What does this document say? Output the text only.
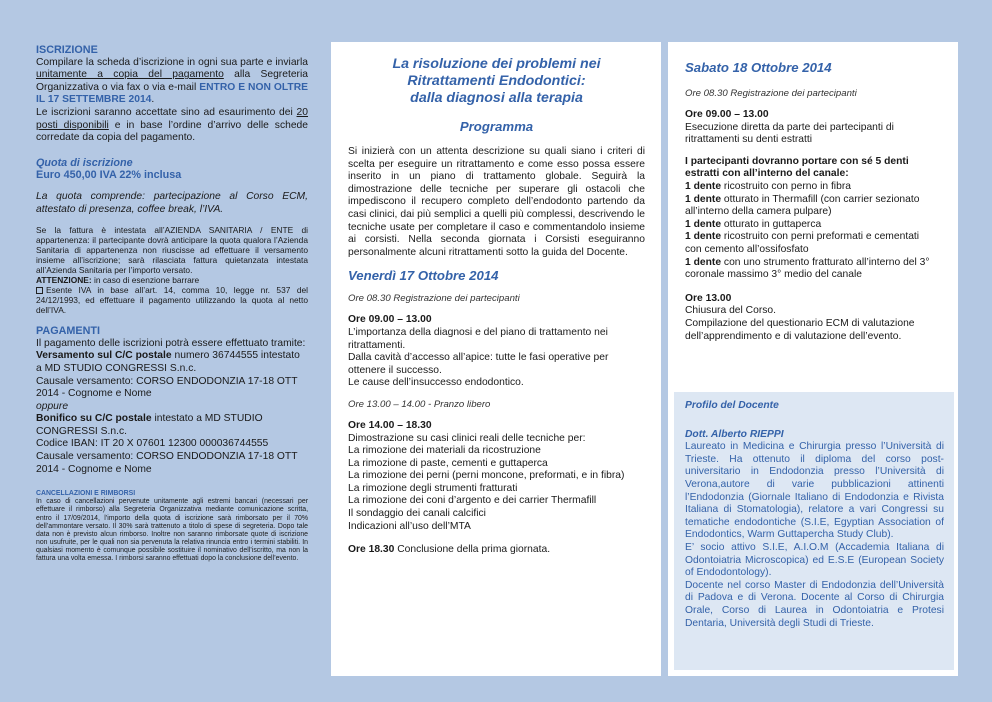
ISCRIZIONE

Compilare la scheda d’iscrizione in ogni sua parte e inviarla unitamente a copia del pagamento alla Segreteria Organizzativa o via fax o via e-mail ENTRO E NON OLTRE IL 17 SETTEMBRE 2014.

Le iscrizioni saranno accettate sino ad esaurimento dei 20 posti disponibili e in base l’ordine d’arrivo delle schede corredate da copia del pagamento.

Quota di iscrizione

Euro 450,00 IVA 22% inclusa

La quota comprende: partecipazione al Corso ECM, attestato di presenza, coffee break, l’IVA.

Se la fattura è intestata all’AZIENDA SANITARIA / ENTE di appartenenza: il partecipante dovrà anticipare la quota qualora l’Azienda Sanitaria di appartenenza non riuscisse ad effettuare il versamento insieme all’iscrizione; sarà rilasciata fattura quietanzata intestata all’Azienda Sanitaria per l’importo versato.

ATTENZIONE: in caso di esenzione barrare

Esente IVA in base all’art. 14, comma 10, legge nr. 537 del 24/12/1993, ed effettuare il pagamento utilizzando la quota al netto dell’IVA.

PAGAMENTI

Il pagamento delle iscrizioni potrà essere effettuato tramite:

Versamento sul C/C postale numero 36744555 intestato a MD STUDIO CONGRESSI S.n.c.

Causale versamento: CORSO ENDODONZIA 17-18 OTT 2014 - Cognome e Nome

oppure

Bonifico su C/C postale intestato a MD STUDIO CONGRESSI S.n.c.

Codice IBAN: IT 20 X 07601 12300 000036744555

Causale versamento: CORSO ENDODONZIA 17-18 OTT 2014 - Cognome e Nome

CANCELLAZIONI E RIMBORSI

In caso di cancellazioni pervenute unitamente agli estremi bancari (necessari per effettuare il rimborso) alla Segreteria Organizzativa mediante comunicazione scritta, entro il 17/09/2014, l’importo della quota di iscrizione sarà rimborsato per il 70% dell’ammontare versato. Il 30% sarà trattenuto a titolo di spese di segreteria. Dopo tale data non è previsto alcun rimborso. Inoltre non saranno rimborsate quote di iscrizione non usufruite, per le quali non sia pervenuta la relativa rinuncia entro i termini stabiliti. In qualsiasi momento è comunque possibile sostituire il nominativo dell’iscritto, ma non la fattura una volta emessa. I rimborsi saranno effettuati dopo la conclusione dell’evento.

La risoluzione dei problemi nei

Ritrattamenti Endodontici:

dalla diagnosi alla terapia

Programma

Si inizierà con un attenta descrizione su quali siano i criteri di scelta per eseguire un ritrattamento e come esso possa essere inserito in un piano di trattamento globale. Seguirà la dimostrazione delle tecniche per superare gli ostacoli che impediscono il recupero completo dell’endodonto partendo da casi clinici, dai più semplici a quelli più complessi, descrivendo le tecniche usate per completare il caso e commentandolo insieme ai corsisti. Nella seconda giornata i Corsisti eseguiranno personalmente alcuni ritrattamenti sotto la guida del Docente.

Venerdì 17 Ottobre 2014

Ore 08.30 Registrazione dei partecipanti

Ore 09.00 – 13.00

L’importanza della diagnosi e del piano di trattamento nei ritrattamenti.

Dalla cavità d’accesso all’apice: tutte le fasi operative per ottenere il successo.

Le cause dell’insuccesso endodontico.

Ore 13.00 – 14.00 - Pranzo libero

Ore 14.00 – 18.30

Dimostrazione su casi clinici reali delle tecniche per:

La rimozione dei materiali da ricostruzione

La rimozione di paste, cementi e guttaperca

La rimozione dei perni (perni moncone, preformati, e in fibra)

La rimozione degli strumenti fratturati

La rimozione dei coni d’argento e dei carrier Thermafill

Il sondaggio dei canali calcifici

Indicazioni all’uso dell’MTA

Ore 18.30 Conclusione della prima giornata.

Sabato 18 Ottobre 2014

Ore 08.30 Registrazione dei partecipanti

Ore 09.00 – 13.00

Esecuzione diretta da parte dei partecipanti di ritrattamenti su denti estratti

I partecipanti dovranno portare con sé 5 denti estratti con all’interno del canale:

1 dente ricostruito con perno in fibra

1 dente otturato in Thermafill (con carrier sezionato all’interno della camera pulpare)

1 dente otturato in guttaperca

1 dente ricostruito con perni preformati e cementati con cemento all’ossifosfato

1 dente con uno strumento fratturato all’interno del 3° coronale massimo 3° medio del canale

Ore 13.00

Chiusura del Corso.

Compilazione del questionario ECM di valutazione dell’apprendimento e di valutazione dell’evento.

Profilo del Docente

Dott. Alberto RIEPPI

Laureato in Medicina e Chirurgia presso l’Università di Trieste. Ha ottenuto il diploma del corso post-universitario in Endodonzia presso l’Università di Verona,autore di varie pubblicazioni attinenti l’Endodonzia (Giornale Italiano di Endodonzia e Rivista Italiana di Stomatologia), relatore a vari Congressi su tematiche endodontiche (S.I.E, Egyptian Association of Endodontics, Warm Guttapercha Study Club).

E’ socio attivo S.I.E, A.I.O.M (Accademia Italiana di Odontoiatria Microscopica) ed E.S.E (European Society of Endodontology).

Docente nel corso Master di Endodonzia dell’Università di Padova e di Verona. Docente al Corso di Chirurgia Orale, Corso di Laurea in Odontoiatria e Protesi Dentaria, Università degli Studi di Trieste.
